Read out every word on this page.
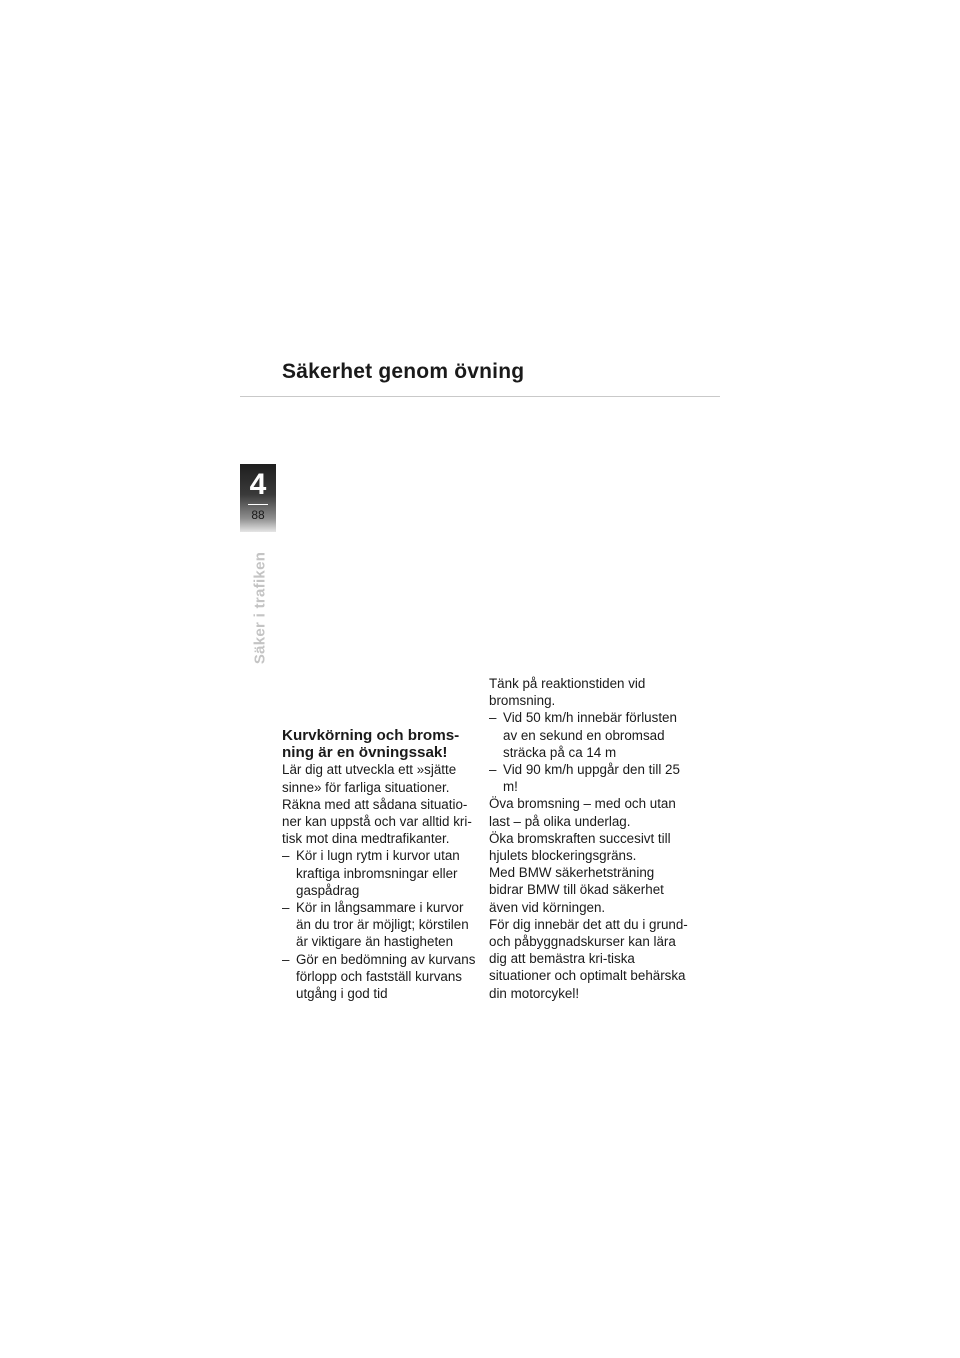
Säkerhet genom övning
4
88
Säker i trafiken
Kurvkörning och broms-
ning är en övningssak!

Lär dig att utveckla ett »sjätte sinne» för farliga situationer.

Räkna med att sådana situatio-ner kan uppstå och var alltid kri-tisk mot dina medtrafikanter.

– Kör i lugn rytm i kurvor utan kraftiga inbromsningar eller gaspådrag
– Kör in långsammare i kurvor än du tror är möjligt; körstilen är viktigare än hastigheten
– Gör en bedömning av kurvans förlopp och fastställ kurvans utgång i god tid

Tänk på reaktionstiden vid bromsning.

– Vid 50 km/h innebär förlusten av en sekund en obromsad sträcka på ca 14 m
– Vid 90 km/h uppgår den till 25 m!

Öva bromsning – med och utan last – på olika underlag.

Öka bromskraften succesivt till hjulets blockeringsgräns.

Med BMW säkerhetsträning bidrar BMW till ökad säkerhet även vid körningen.

För dig innebär det att du i grund- och påbyggnadskurser kan lära dig att bemästra kri-tiska situationer och optimalt behärska din motorcykel!
